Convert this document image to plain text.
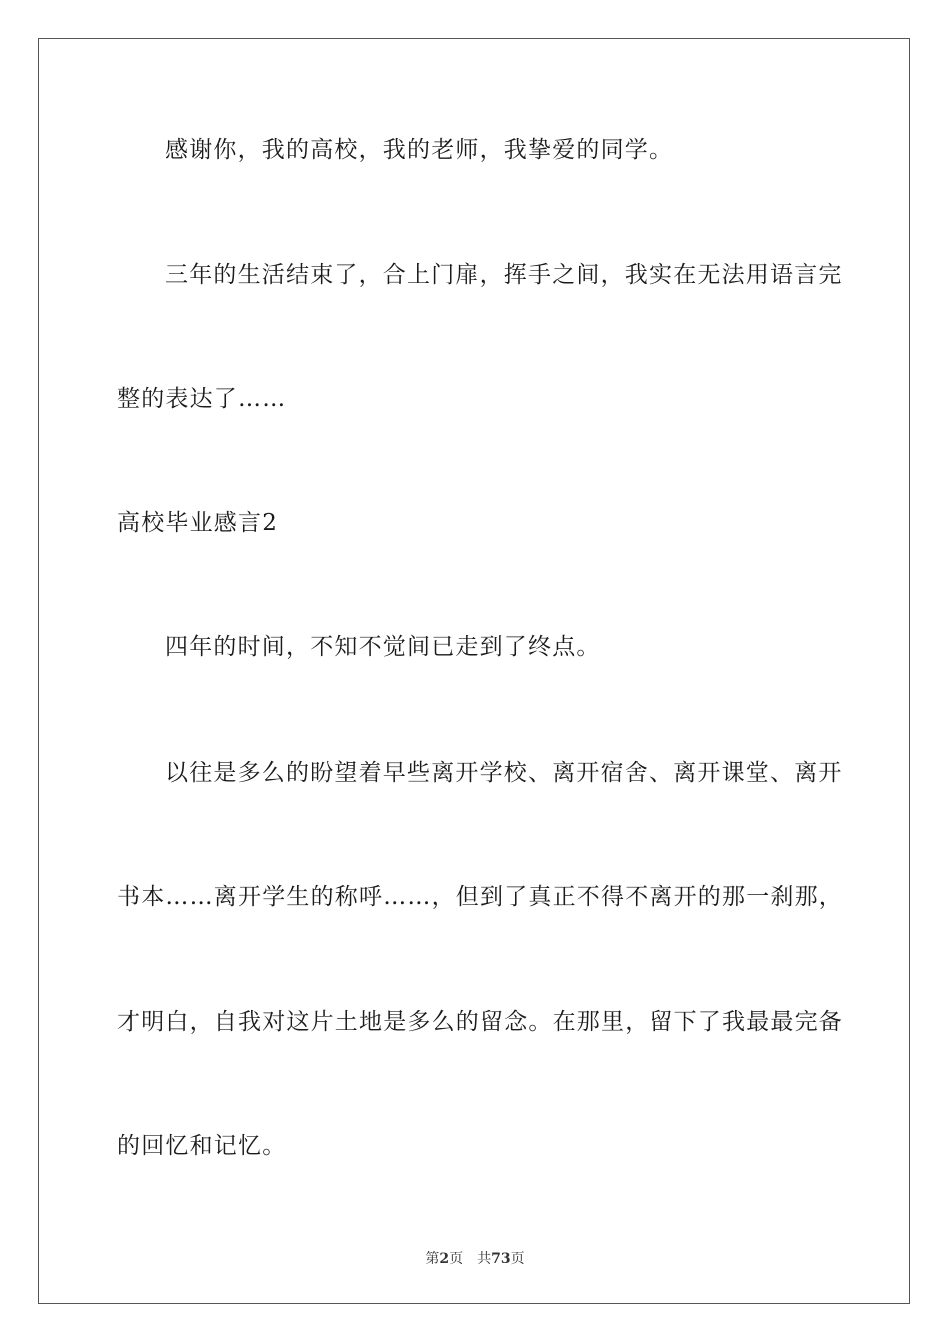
感谢你，我的高校，我的老师，我挚爱的同学。
三年的生活结束了，合上门扉，挥手之间，我实在无法用语言完
整的表达了……
高校毕业感言2
四年的时间，不知不觉间已走到了终点。
以往是多么的盼望着早些离开学校、离开宿舍、离开课堂、离开
书本……离开学生的称呼……，但到了真正不得不离开的那一刹那，
才明白，自我对这片土地是多么的留念。在那里，留下了我最最完备
的回忆和记忆。
第2页 共73页
